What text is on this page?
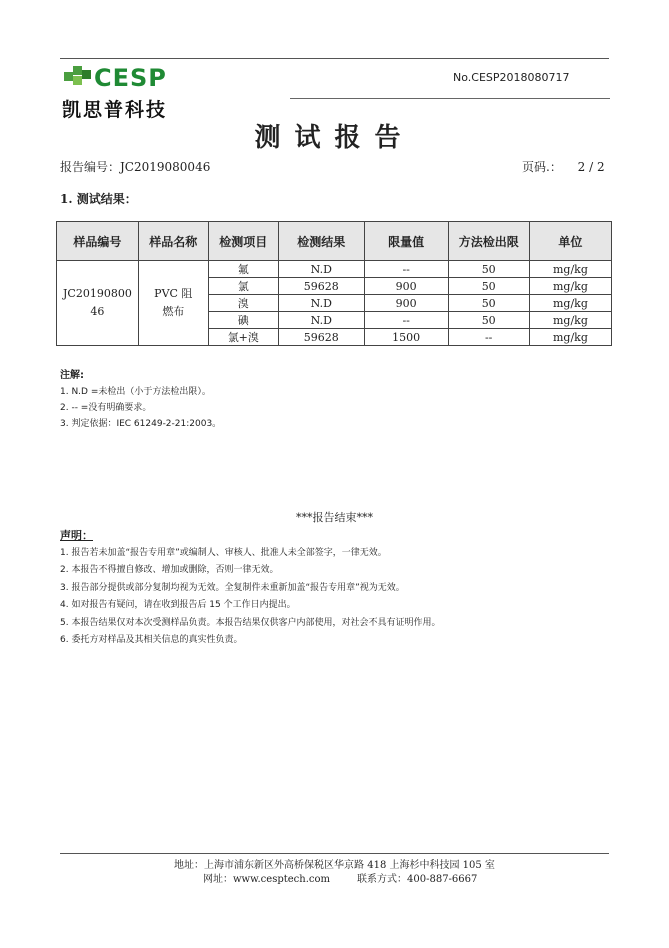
CESP
凯思普科技
No.CESP2018080717
测试报告
报告编号：JC2019080046	页码.： 2 / 2
1. 测试结果：
样品编号	样品名称	检测项目	检测结果	限量值	方法检出限	单位
JC20190800 46	PVC 阻燃布	氟	N.D	--	50	mg/kg
		氯	59628	900	50	mg/kg
		溴	N.D	900	50	mg/kg
		碘	N.D	--	50	mg/kg
		氯+溴	59628	1500	--	mg/kg
注解:
1. N.D =未检出（小于方法检出限）。
2. -- =没有明确要求。
3. 判定依据：IEC 61249-2-21:2003。
***报告结束***
声明：
1. 报告若未加盖“报告专用章”或编制人、审核人、批准人未全部签字，一律无效。
2. 本报告不得擅自修改、增加或删除，否则一律无效。
3. 报告部分提供或部分复制均视为无效。全复制件未重新加盖“报告专用章”视为无效。
4. 如对报告有疑问，请在收到报告后 15 个工作日内提出。
5. 本报告结果仅对本次受测样品负责。本报告结果仅供客户内部使用，对社会不具有证明作用。
6. 委托方对样品及其相关信息的真实性负责。
地址：上海市浦东新区外高桥保税区华京路 418 上海杉中科技园 105 室
网址：www.cesptech.com	联系方式：400-887-6667
